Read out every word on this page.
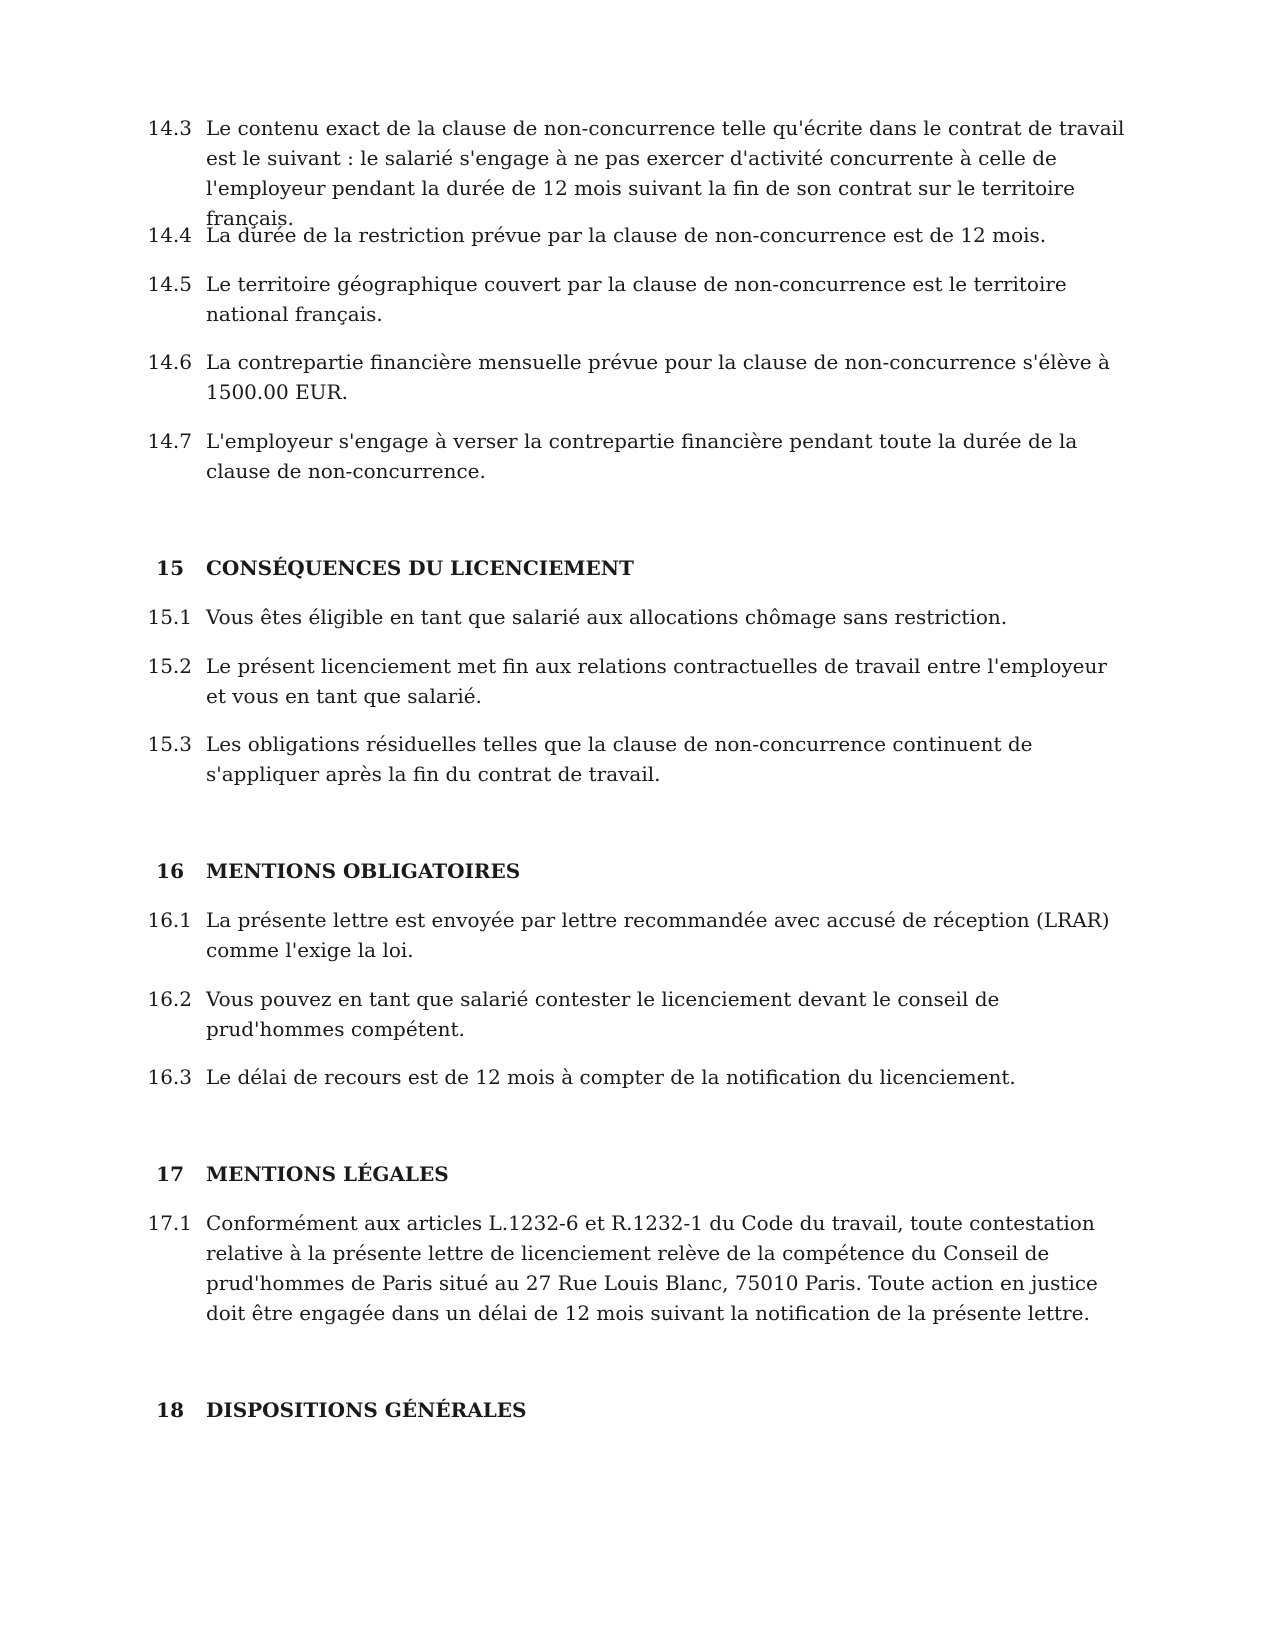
14.3 Le contenu exact de la clause de non-concurrence telle qu'écrite dans le contrat de travail est le suivant : le salarié s'engage à ne pas exercer d'activité concurrente à celle de l'employeur pendant la durée de 12 mois suivant la fin de son contrat sur le territoire français.
14.4 La durée de la restriction prévue par la clause de non-concurrence est de 12 mois.
14.5 Le territoire géographique couvert par la clause de non-concurrence est le territoire national français.
14.6 La contrepartie financière mensuelle prévue pour la clause de non-concurrence s'élève à 1500.00 EUR.
14.7 L'employeur s'engage à verser la contrepartie financière pendant toute la durée de la clause de non-concurrence.
15 CONSÉQUENCES DU LICENCIEMENT
15.1 Vous êtes éligible en tant que salarié aux allocations chômage sans restriction.
15.2 Le présent licenciement met fin aux relations contractuelles de travail entre l'employeur et vous en tant que salarié.
15.3 Les obligations résiduelles telles que la clause de non-concurrence continuent de s'appliquer après la fin du contrat de travail.
16 MENTIONS OBLIGATOIRES
16.1 La présente lettre est envoyée par lettre recommandée avec accusé de réception (LRAR) comme l'exige la loi.
16.2 Vous pouvez en tant que salarié contester le licenciement devant le conseil de prud'hommes compétent.
16.3 Le délai de recours est de 12 mois à compter de la notification du licenciement.
17 MENTIONS LÉGALES
17.1 Conformément aux articles L.1232-6 et R.1232-1 du Code du travail, toute contestation relative à la présente lettre de licenciement relève de la compétence du Conseil de prud'hommes de Paris situé au 27 Rue Louis Blanc, 75010 Paris. Toute action en justice doit être engagée dans un délai de 12 mois suivant la notification de la présente lettre.
18 DISPOSITIONS GÉNÉRALES
